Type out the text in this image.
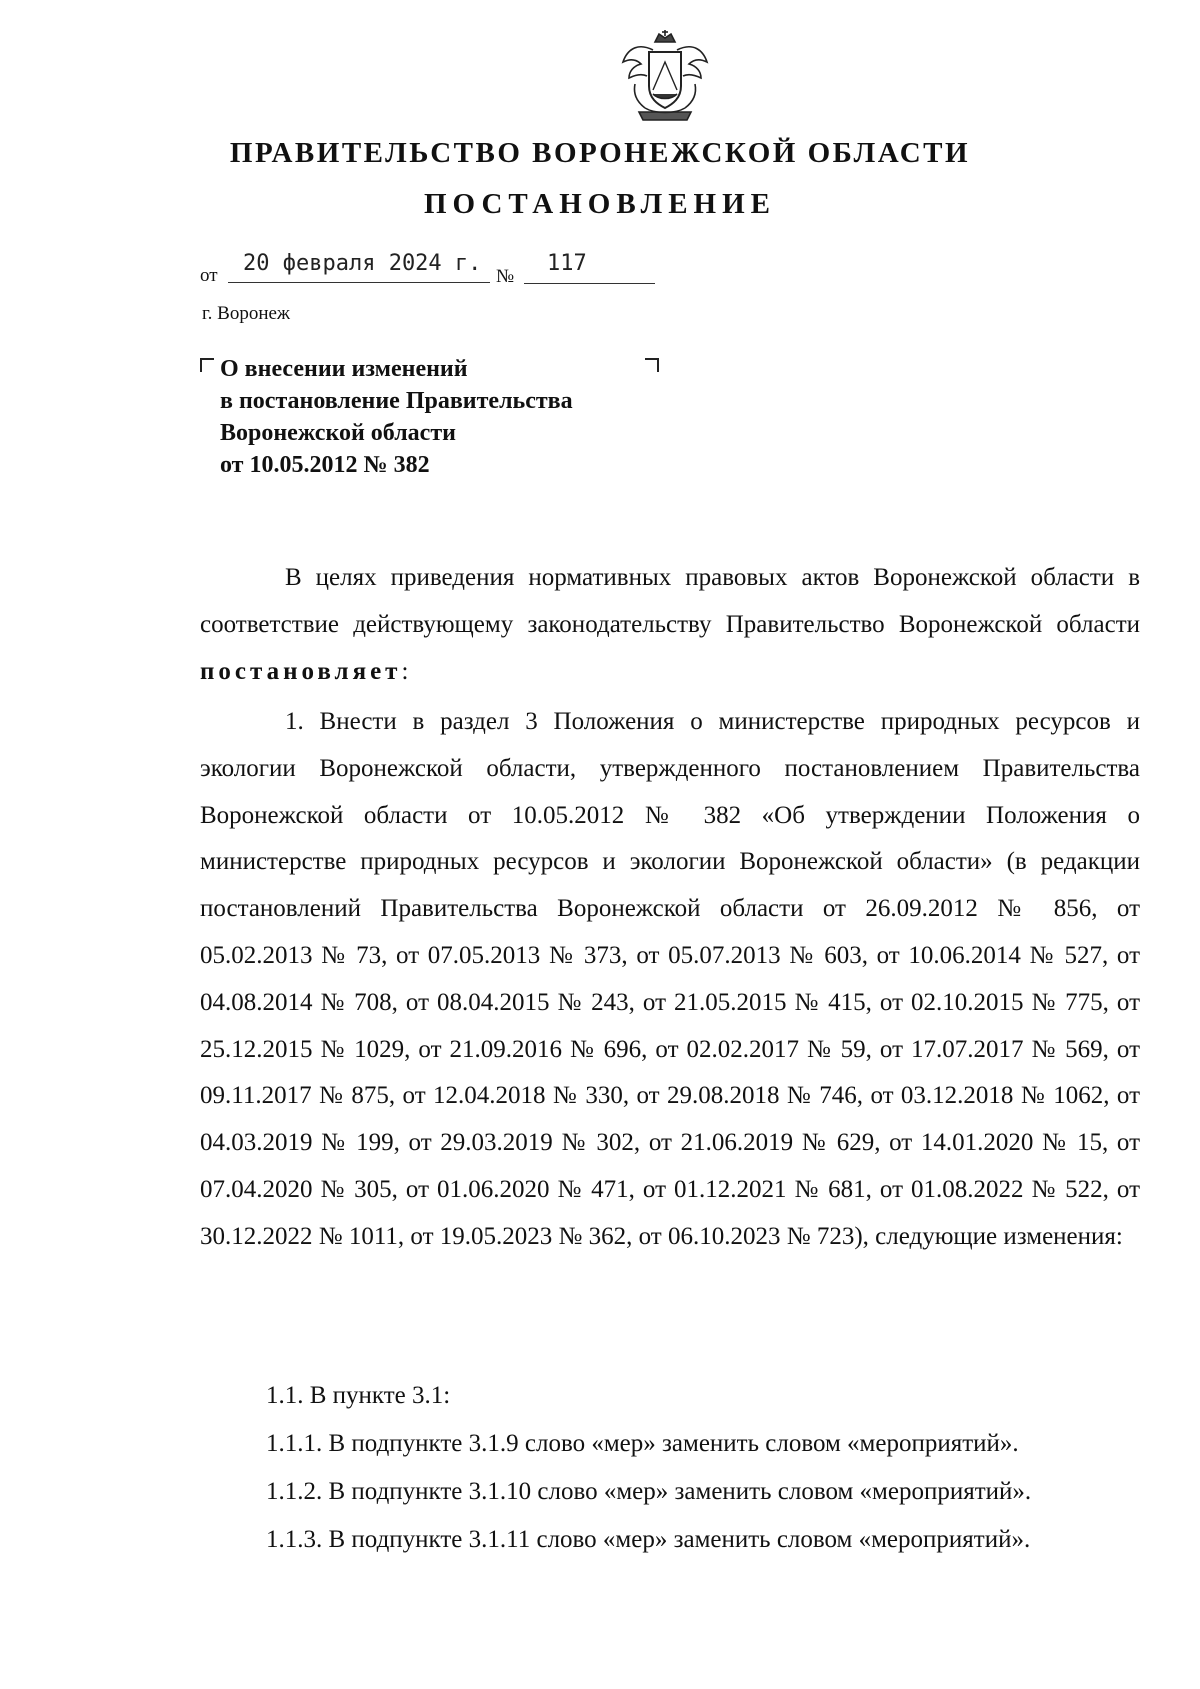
ПРАВИТЕЛЬСТВО ВОРОНЕЖСКОЙ ОБЛАСТИ
ПОСТАНОВЛЕНИЕ
от 20 февраля 2024 г.
№
117
г. Воронеж
О внесении изменений
в постановление Правительства
Воронежской области
от 10.05.2012 № 382

В целях приведения нормативных правовых актов Воронежской области в соответствие действующему законодательству Правительство Воронежской области постановляет:

1. Внести в раздел 3 Положения о министерстве природных ресурсов и экологии Воронежской области, утвержденного постановлением Правительства Воронежской области от 10.05.2012 № 382 «Об утверждении Положения о министерстве природных ресурсов и экологии Воронежской области» (в редакции постановлений Правительства Воронежской области от 26.09.2012 № 856, от 05.02.2013 № 73, от 07.05.2013 № 373, от 05.07.2013 № 603, от 10.06.2014 № 527, от 04.08.2014 № 708, от 08.04.2015 № 243, от 21.05.2015 № 415, от 02.10.2015 № 775, от 25.12.2015 № 1029, от 21.09.2016 № 696, от 02.02.2017 № 59, от 17.07.2017 № 569, от 09.11.2017 № 875, от 12.04.2018 № 330, от 29.08.2018 № 746, от 03.12.2018 № 1062, от 04.03.2019 № 199, от 29.03.2019 № 302, от 21.06.2019 № 629, от 14.01.2020 № 15, от 07.04.2020 № 305, от 01.06.2020 № 471, от 01.12.2021 № 681, от 01.08.2022 № 522, от 30.12.2022 № 1011, от 19.05.2023 № 362, от 06.10.2023 № 723), следующие изменения:

1.1. В пункте 3.1:
1.1.1. В подпункте 3.1.9 слово «мер» заменить словом «мероприятий».
1.1.2. В подпункте 3.1.10 слово «мер» заменить словом «мероприятий».
1.1.3. В подпункте 3.1.11 слово «мер» заменить словом «мероприятий».
